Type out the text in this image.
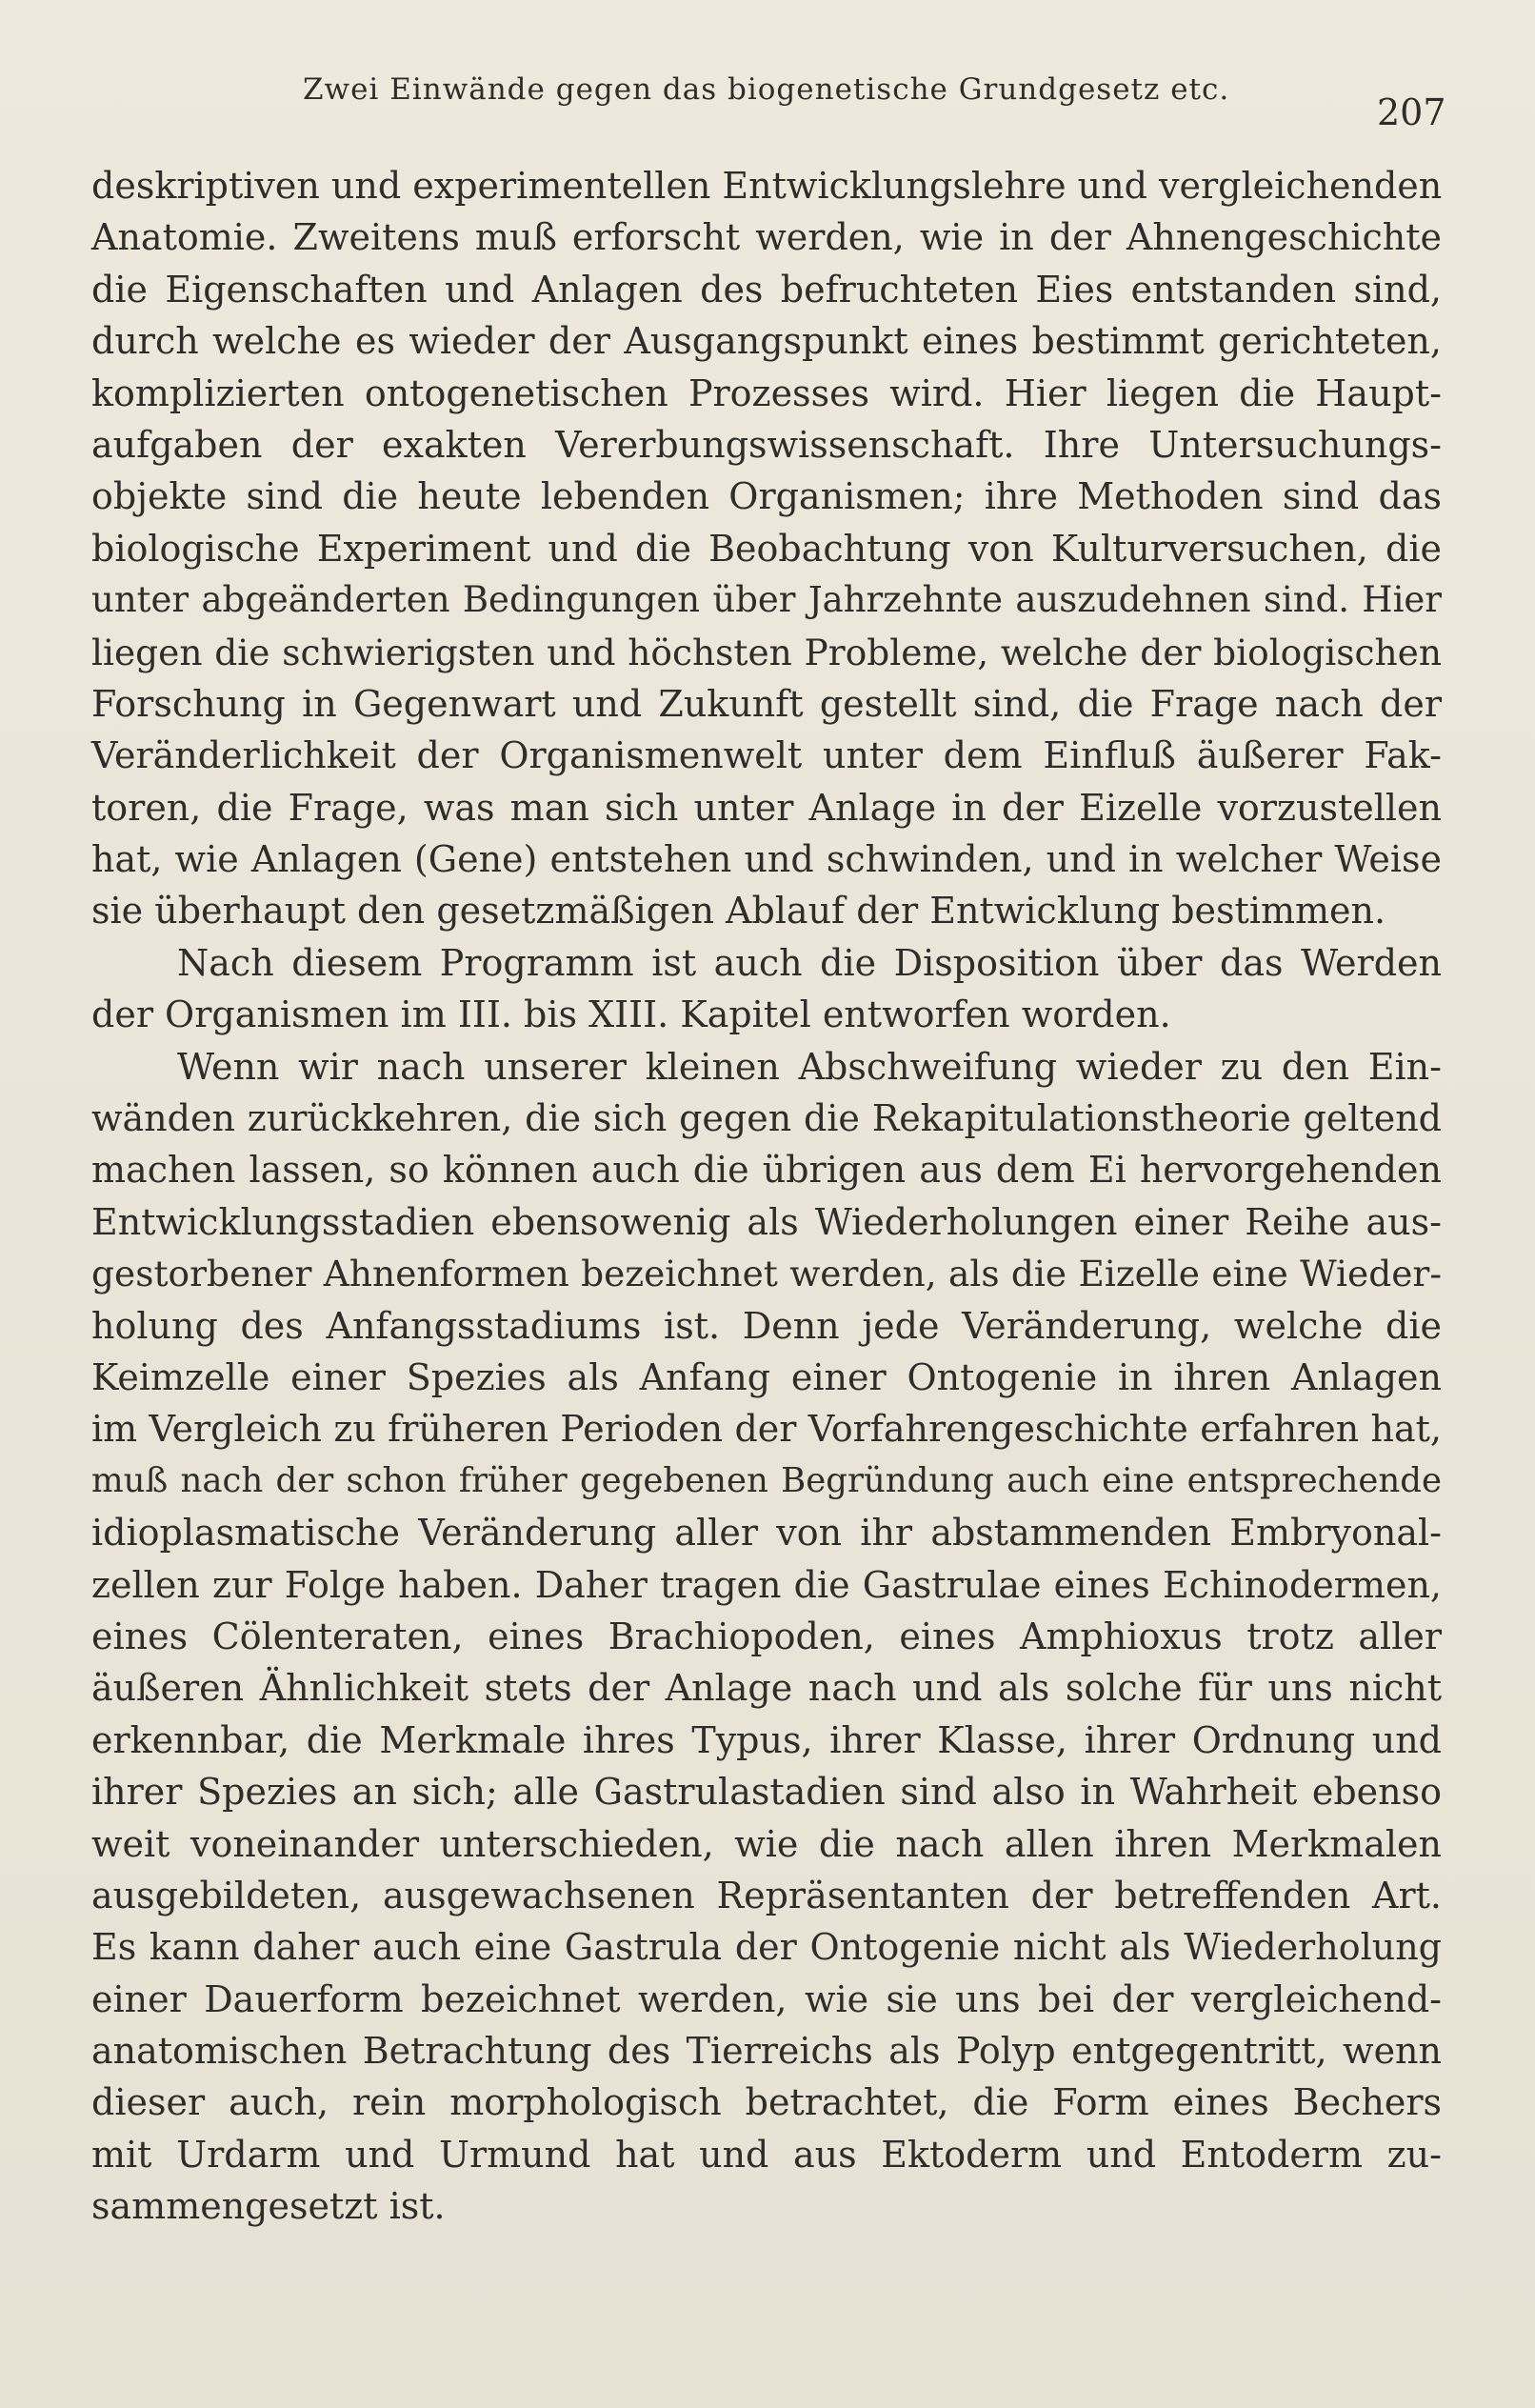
Zwei Einwände gegen das biogenetische Grundgesetz etc.
207
deskriptiven und experimentellen Entwicklungslehre und vergleichenden
Anatomie. Zweitens muß erforscht werden, wie in der Ahnengeschichte
die Eigenschaften und Anlagen des befruchteten Eies entstanden sind,
durch welche es wieder der Ausgangspunkt eines bestimmt gerichteten,
komplizierten ontogenetischen Prozesses wird. Hier liegen die Haupt-
aufgaben der exakten Vererbungswissenschaft. Ihre Untersuchungs-
objekte sind die heute lebenden Organismen; ihre Methoden sind das
biologische Experiment und die Beobachtung von Kulturversuchen, die
unter abgeänderten Bedingungen über Jahrzehnte auszudehnen sind. Hier
liegen die schwierigsten und höchsten Probleme, welche der biologischen
Forschung in Gegenwart und Zukunft gestellt sind, die Frage nach der
Veränderlichkeit der Organismenwelt unter dem Einfluß äußerer Fak-
toren, die Frage, was man sich unter Anlage in der Eizelle vorzustellen
hat, wie Anlagen (Gene) entstehen und schwinden, und in welcher Weise
sie überhaupt den gesetzmäßigen Ablauf der Entwicklung bestimmen.
Nach diesem Programm ist auch die Disposition über das Werden
der Organismen im III. bis XIII. Kapitel entworfen worden.
Wenn wir nach unserer kleinen Abschweifung wieder zu den Ein-
wänden zurückkehren, die sich gegen die Rekapitulationstheorie geltend
machen lassen, so können auch die übrigen aus dem Ei hervorgehenden
Entwicklungsstadien ebensowenig als Wiederholungen einer Reihe aus-
gestorbener Ahnenformen bezeichnet werden, als die Eizelle eine Wieder-
holung des Anfangsstadiums ist. Denn jede Veränderung, welche die
Keimzelle einer Spezies als Anfang einer Ontogenie in ihren Anlagen
im Vergleich zu früheren Perioden der Vorfahrengeschichte erfahren hat,
muß nach der schon früher gegebenen Begründung auch eine entsprechende
idioplasmatische Veränderung aller von ihr abstammenden Embryonal-
zellen zur Folge haben. Daher tragen die Gastrulae eines Echinodermen,
eines Cölenteraten, eines Brachiopoden, eines Amphioxus trotz aller
äußeren Ähnlichkeit stets der Anlage nach und als solche für uns nicht
erkennbar, die Merkmale ihres Typus, ihrer Klasse, ihrer Ordnung und
ihrer Spezies an sich; alle Gastrulastadien sind also in Wahrheit ebenso
weit voneinander unterschieden, wie die nach allen ihren Merkmalen
ausgebildeten, ausgewachsenen Repräsentanten der betreffenden Art.
Es kann daher auch eine Gastrula der Ontogenie nicht als Wiederholung
einer Dauerform bezeichnet werden, wie sie uns bei der vergleichend-
anatomischen Betrachtung des Tierreichs als Polyp entgegentritt, wenn
dieser auch, rein morphologisch betrachtet, die Form eines Bechers
mit Urdarm und Urmund hat und aus Ektoderm und Entoderm zu-
sammengesetzt ist.
